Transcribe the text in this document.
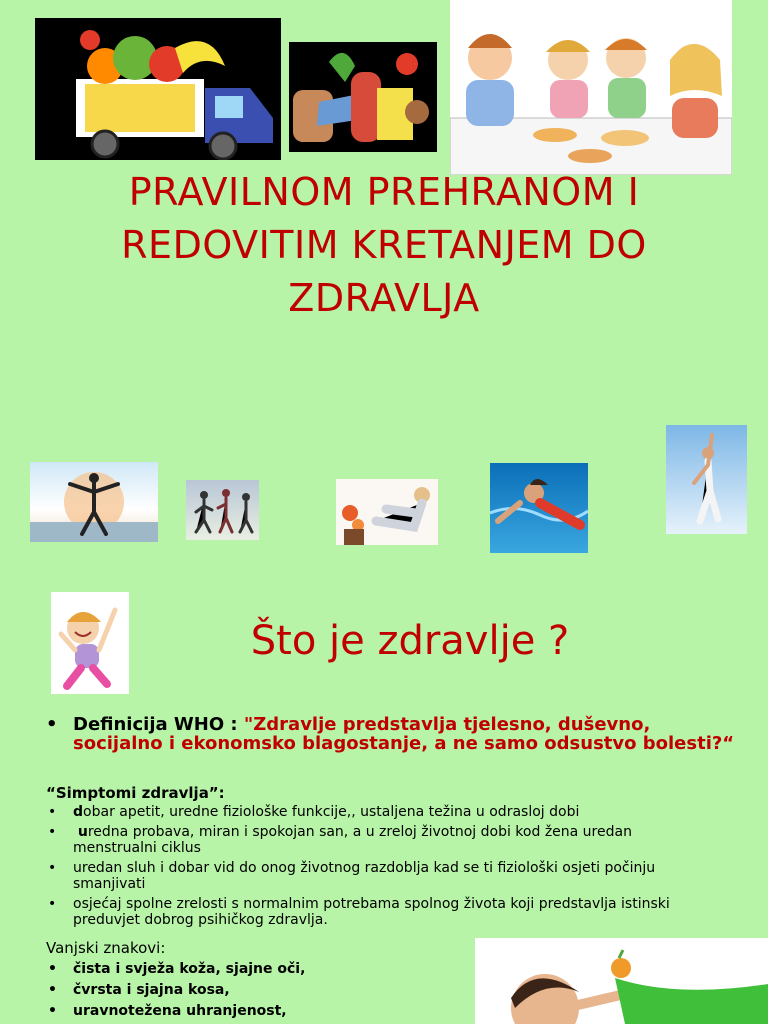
PRAVILNOM PREHRANOM I REDOVITIM KRETANJEM DO ZDRAVLJA
Što je zdravlje ?
• Definicija WHO : "Zdravlje predstavlja tjelesno, duševno, socijalno i ekonomsko blagostanje, a ne samo odsustvo bolesti?“
“Simptomi zdravlja”:
• dobar apetit, uredne fiziološke funkcije,, ustaljena težina u odrasloj dobi
•  uredna probava, miran i spokojan san, a u zreloj životnoj dobi kod žena uredan menstrualni ciklus
• uredan sluh i dobar vid do onog životnog razdoblja kad se ti fiziološki osjeti počinju smanjivati
• osjećaj spolne zrelosti s normalnim potrebama spolnog života koji predstavlja istinski preduvjet dobrog psihičkog zdravlja.
Vanjski znakovi:
• čista i svježa koža, sjajne oči,
• čvrsta i sjajna kosa,
• uravnotežena uhranjenost,
